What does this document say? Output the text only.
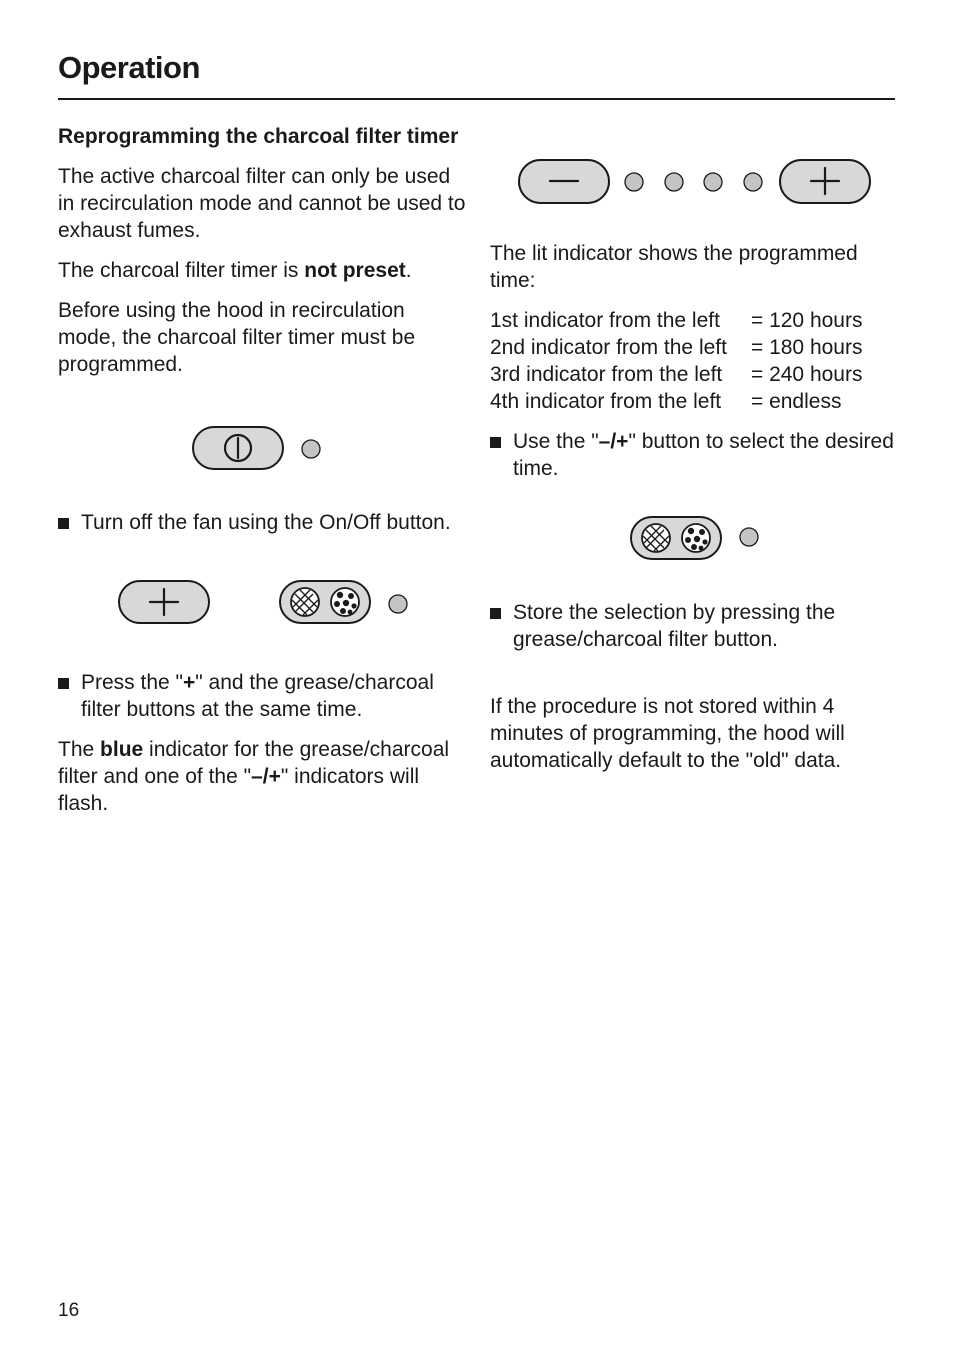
Operation
Reprogramming the charcoal filter timer

The active charcoal filter can only be used in recirculation mode and cannot be used to exhaust fumes.

The charcoal filter timer is not preset.

Before using the hood in recirculation mode, the charcoal filter timer must be programmed.

Turn off the fan using the On/Off button.
Press the "+" and the grease/charcoal filter buttons at the same time.

The blue indicator for the grease/charcoal filter and one of the "–/+" indicators will flash.

The lit indicator shows the programmed time:

1st indicator from the left	= 120 hours
2nd indicator from the left	= 180 hours
3rd indicator from the left	= 240 hours
4th indicator from the left	= endless
Use the "–/+" button to select the desired time.
Store the selection by pressing the grease/charcoal filter button.

If the procedure is not stored within 4 minutes of programming, the hood will automatically default to the "old" data.

16
